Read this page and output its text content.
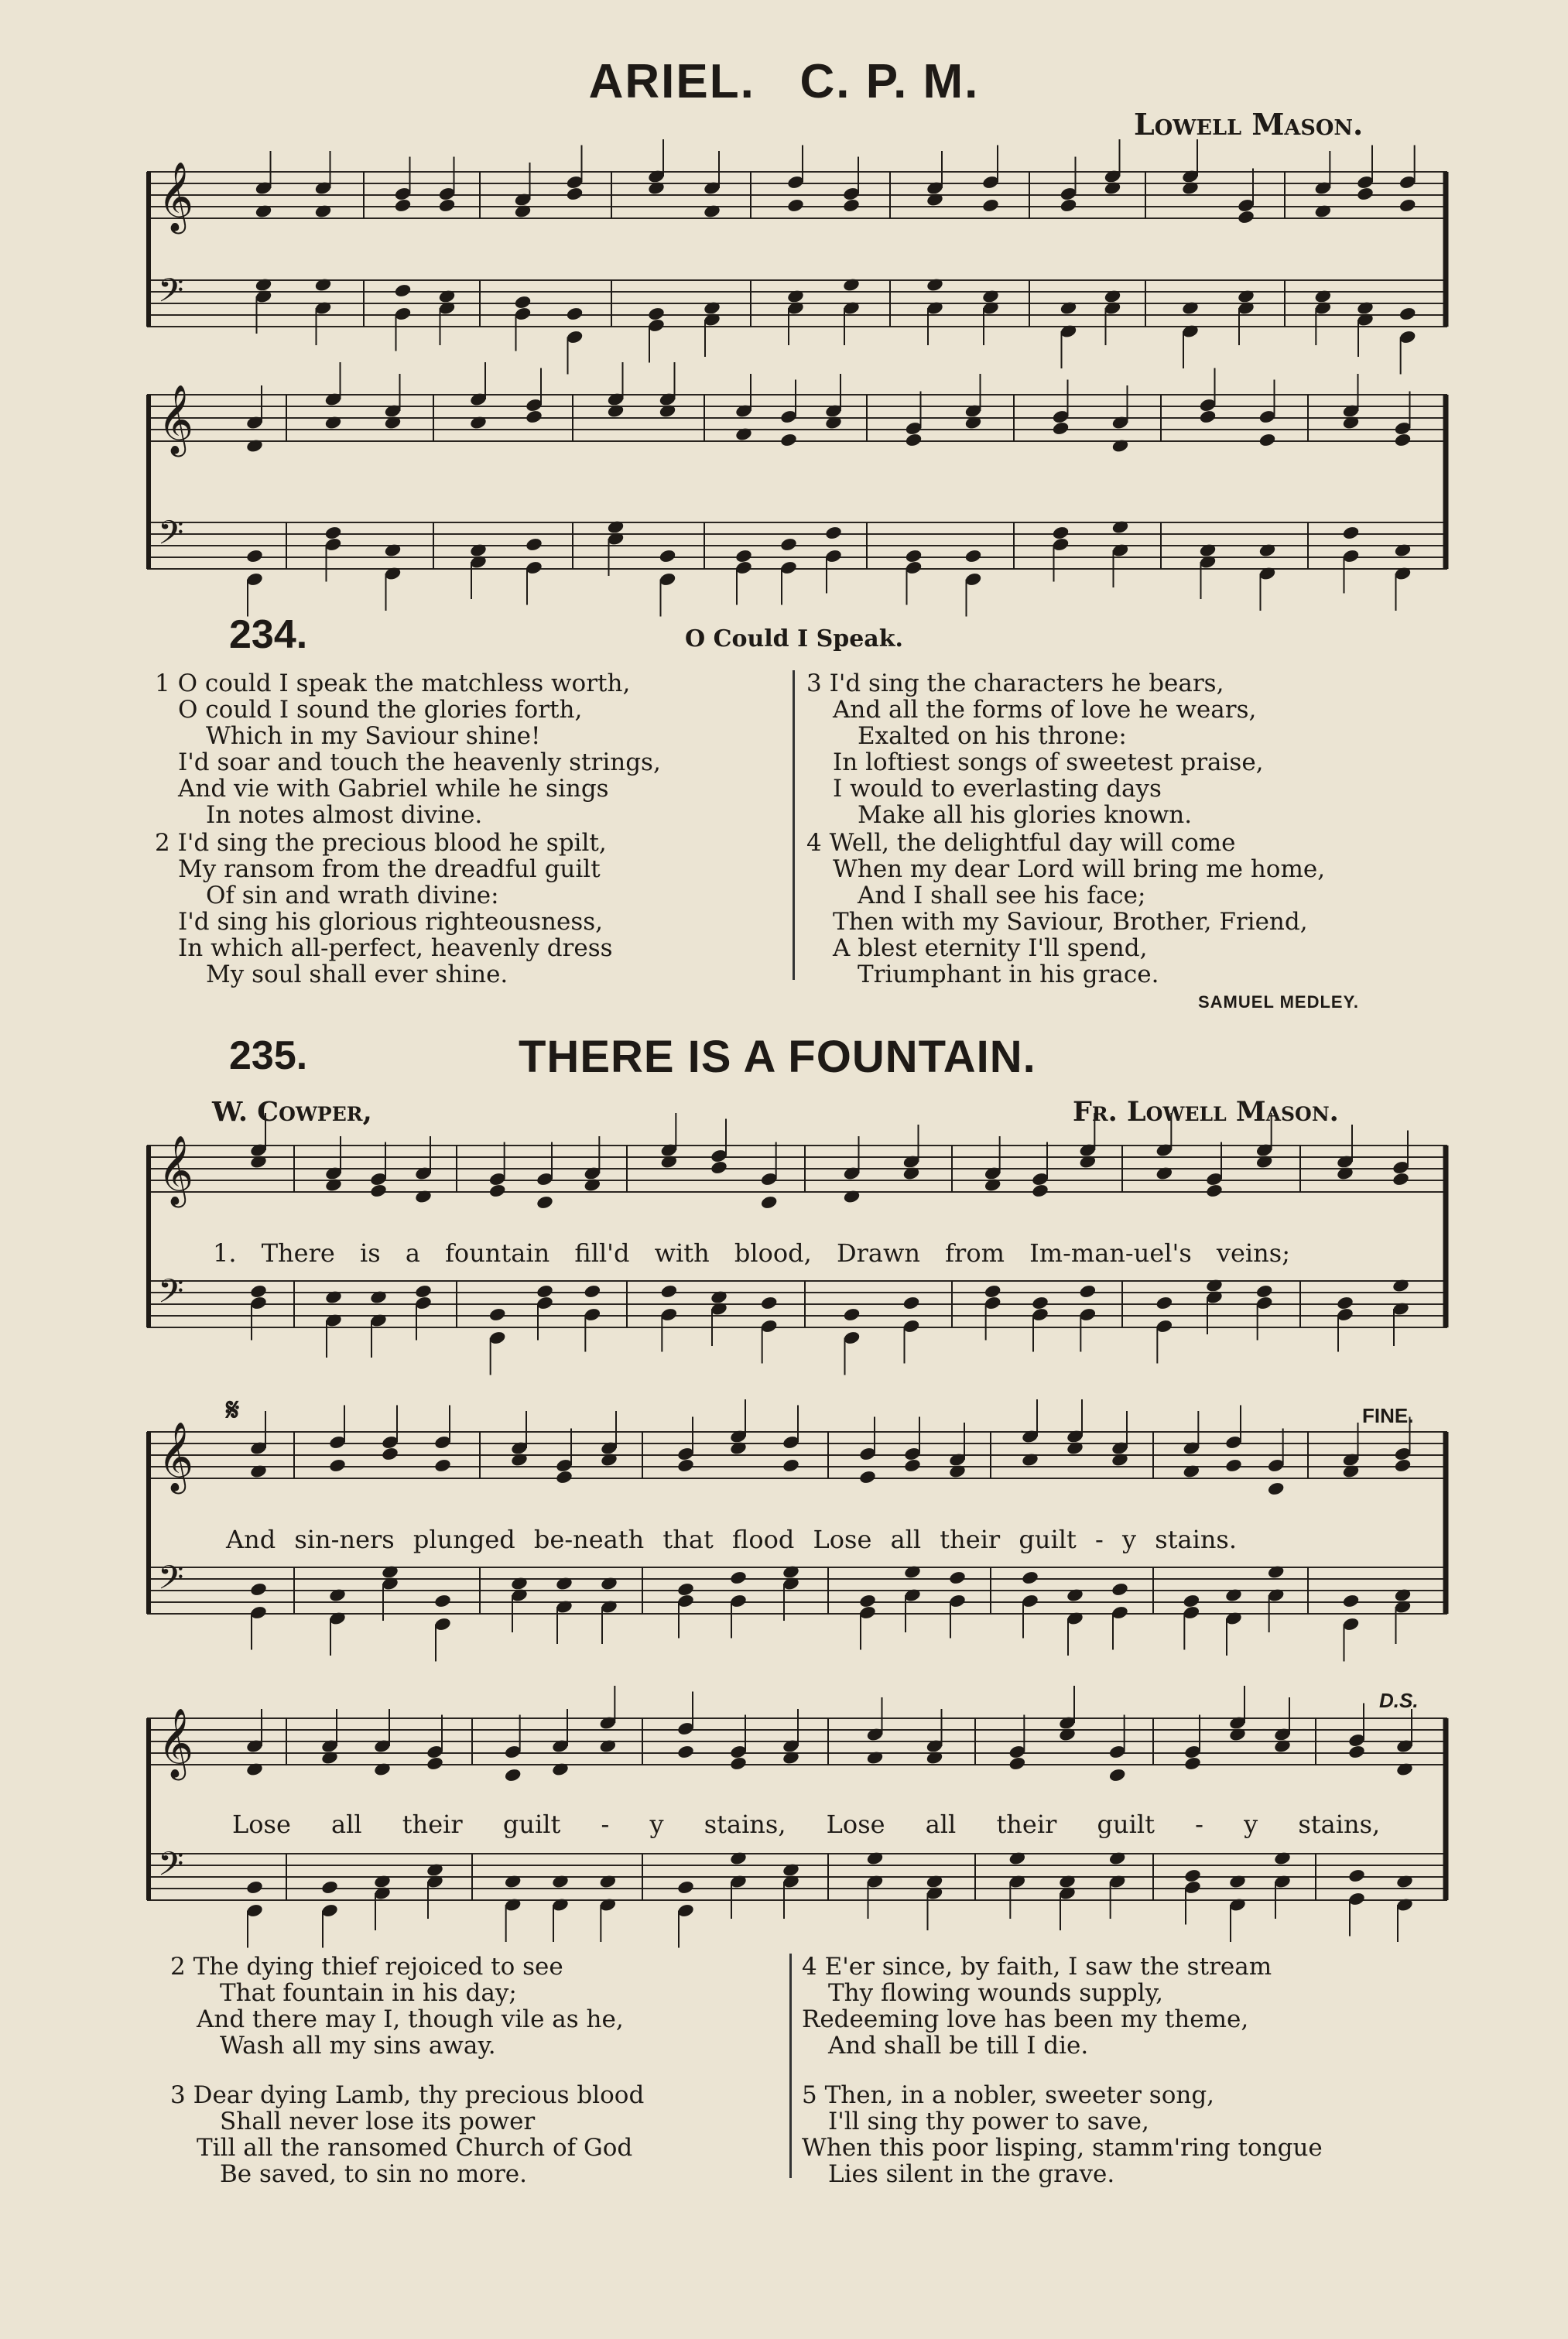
ARIEL. C. P. M.
Lowell Mason.
𝄞
𝄢
𝄞
𝄢
234.	O Could I Speak.
1 O could I speak the matchless worth,
O could I sound the glories forth,
Which in my Saviour shine!
I'd soar and touch the heavenly strings,
And vie with Gabriel while he sings
In notes almost divine.
2 I'd sing the precious blood he spilt,
My ransom from the dreadful guilt
Of sin and wrath divine:
I'd sing his glorious righteousness,
In which all-perfect, heavenly dress
My soul shall ever shine.
3 I'd sing the characters he bears,
And all the forms of love he wears,
Exalted on his throne:
In loftiest songs of sweetest praise,
I would to everlasting days
Make all his glories known.
4 Well, the delightful day will come
When my dear Lord will bring me home,
And I shall see his face;
Then with my Saviour, Brother, Friend,
A blest eternity I'll spend,
Triumphant in his grace.
SAMUEL MEDLEY.
235.	THERE IS A FOUNTAIN.
W. Cowper,	Fr. Lowell Mason.
𝄞
𝄢
1. There is a fountain fill'd with blood, Drawn from Im-man-uel's veins;
𝄋	FINE.
𝄞
𝄢
And sin-ners plunged be-neath that flood Lose all their guilt - y stains.
D.S.
𝄞
𝄢
Lose all their guilt - y stains, Lose all their guilt - y stains,
2 The dying thief rejoiced to see
That fountain in his day;
And there may I, though vile as he,
Wash all my sins away.
3 Dear dying Lamb, thy precious blood
Shall never lose its power
Till all the ransomed Church of God
Be saved, to sin no more.
4 E'er since, by faith, I saw the stream
Thy flowing wounds supply,
Redeeming love has been my theme,
And shall be till I die.
5 Then, in a nobler, sweeter song,
I'll sing thy power to save,
When this poor lisping, stamm'ring tongue
Lies silent in the grave.
